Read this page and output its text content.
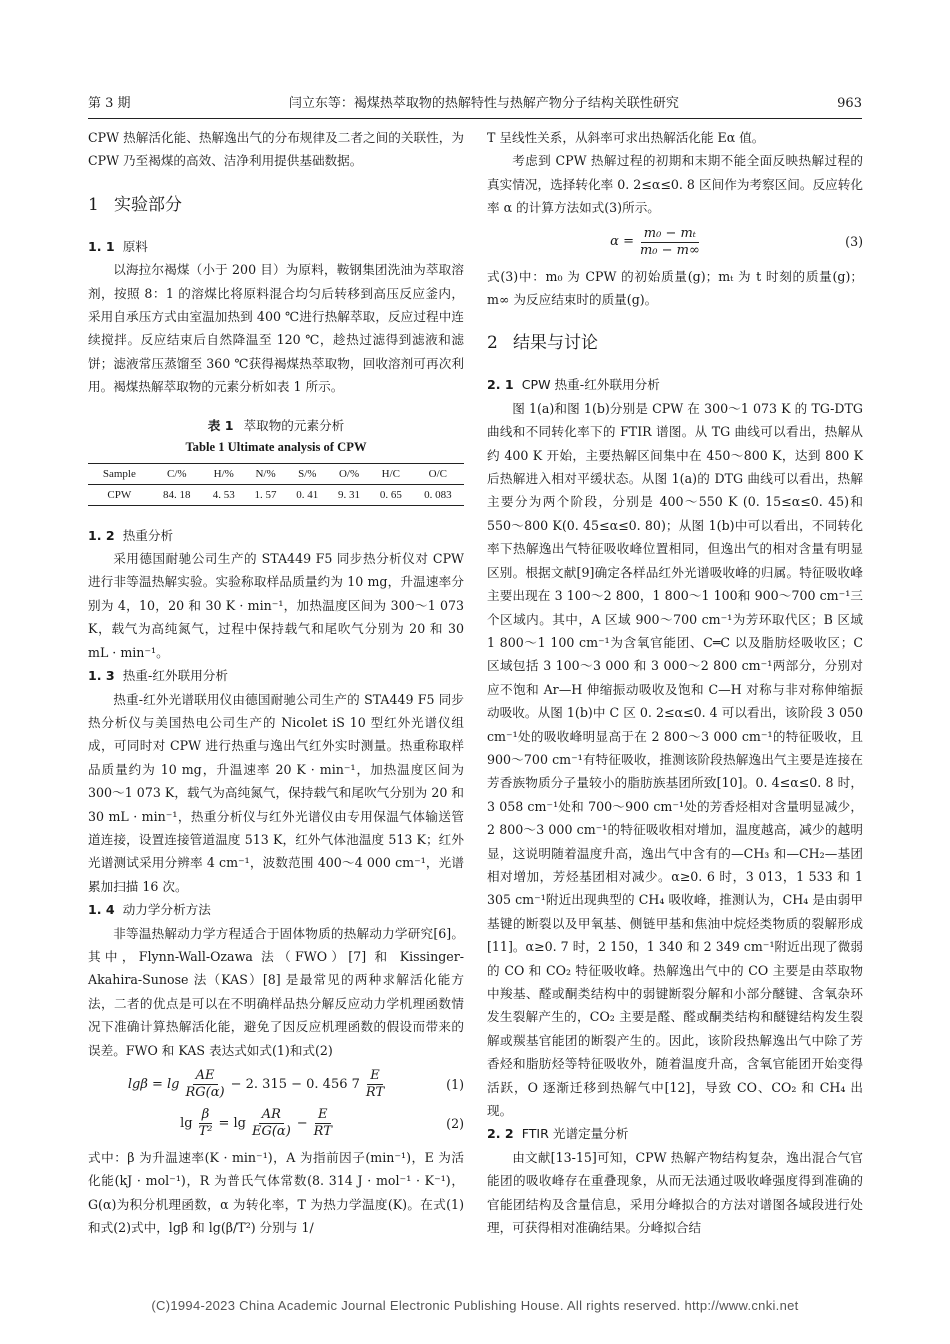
第 3 期	闫立东等：褐煤热萃取物的热解特性与热解产物分子结构关联性研究	963

CPW 热解活化能、热解逸出气的分布规律及二者之间的关联性，为 CPW 乃至褐煤的高效、洁净利用提供基础数据。

1 实验部分
1. 1 原料

以海拉尔褐煤（小于 200 目）为原料，鞍钢集团洗油为萃取溶剂，按照 8：1 的溶煤比将原料混合均匀后转移到高压反应釜内，采用自承压方式由室温加热到 400 ℃进行热解萃取，反应过程中连续搅拌。反应结束后自然降温至 120 ℃，趁热过滤得到滤液和滤饼；滤液常压蒸馏至 360 ℃获得褐煤热萃取物，回收溶剂可再次利用。褐煤热解萃取物的元素分析如表 1 所示。

表 1 萃取物的元素分析
Table 1 Ultimate analysis of CPW
Sample	C/%	H/%	N/%	S/%	O/%	H/C	O/C
CPW	84. 18	4. 53	1. 57	0. 41	9. 31	0. 65	0. 083
1. 2 热重分析

采用德国耐驰公司生产的 STA449 F5 同步热分析仪对 CPW 进行非等温热解实验。实验称取样品质量约为 10 mg，升温速率分别为 4，10，20 和 30 K · min⁻¹，加热温度区间为 300～1 073 K，载气为高纯氮气，过程中保持载气和尾吹气分别为 20 和 30 mL · min⁻¹。

1. 3 热重-红外联用分析

热重-红外光谱联用仪由德国耐驰公司生产的 STA449 F5 同步热分析仪与美国热电公司生产的 Nicolet iS 10 型红外光谱仪组成，可同时对 CPW 进行热重与逸出气红外实时测量。热重称取样品质量约为 10 mg，升温速率 20 K · min⁻¹，加热温度区间为 300～1 073 K，载气为高纯氮气，保持载气和尾吹气分别为 20 和 30 mL · min⁻¹，热重分析仪与红外光谱仪由专用保温气体输送管道连接，设置连接管道温度 513 K，红外气体池温度 513 K；红外光谱测试采用分辨率 4 cm⁻¹，波数范围 400～4 000 cm⁻¹，光谱累加扫描 16 次。

1. 4 动力学分析方法

非等温热解动力学方程适合于固体物质的热解动力学研究[6]。其中，Flynn-Wall-Ozawa 法（FWO）[7] 和 Kissinger-Akahira-Sunose 法（KAS）[8] 是最常见的两种求解活化能方法，二者的优点是可以在不明确样品热分解反应动力学机理函数情况下准确计算热解活化能，避免了因反应机理函数的假设而带来的误差。FWO 和 KAS 表达式如式(1)和式(2)

$\lg\beta = \lg \frac{AE}{RG(\alpha)} - 2$. 315 − 0. 456 $7 \frac{E}{RT}$	(1)
$\lg \frac{\beta}{\text{T²}} = \lg \frac{AR}{EG(\alpha)} - \frac{E}{RT}$	(2)

式中：β 为升温速率(K · min⁻¹)，A 为指前因子(min⁻¹)，E 为活化能(kJ · mol⁻¹)，R 为普氏气体常数(8. 314 J · mol⁻¹ · K⁻¹)，G(α)为积分机理函数，α 为转化率，T 为热力学温度(K)。在式(1)和式(2)式中，lgβ 和 lg(β/T²) 分别与 1/

T 呈线性关系，从斜率可求出热解活化能 Eα 值。

考虑到 CPW 热解过程的初期和末期不能全面反映热解过程的真实情况，选择转化率 0. 2≤α≤0. 8 区间作为考察区间。反应转化率 α 的计算方法如式(3)所示。

$\alpha = \frac{\text{m₀ − mₜ}}{\text{m₀ − m∞}}$	(3)

式(3)中：m₀ 为 CPW 的初始质量(g)；mₜ 为 t 时刻的质量(g)；m∞ 为反应结束时的质量(g)。

2 结果与讨论
2. 1 CPW 热重-红外联用分析

图 1(a)和图 1(b)分别是 CPW 在 300～1 073 K 的 TG-DTG 曲线和不同转化率下的 FTIR 谱图。从 TG 曲线可以看出，热解从约 400 K 开始，主要热解区间集中在 450～800 K，达到 800 K 后热解进入相对平缓状态。从图 1(a)的 DTG 曲线可以看出，热解主要分为两个阶段，分别是 400～550 K (0. 15≤α≤0. 45)和 550～800 K(0. 45≤α≤0. 80)；从图 1(b)中可以看出，不同转化率下热解逸出气特征吸收峰位置相同，但逸出气的相对含量有明显区别。根据文献[9]确定各样品红外光谱吸收峰的归属。特征吸收峰主要出现在 3 100～2 800，1 800～1 100和 900～700 cm⁻¹三个区域内。其中，A 区域 900～700 cm⁻¹为芳环取代区；B 区域 1 800～1 100 cm⁻¹为含氧官能团、C═C 以及脂肪烃吸收区；C 区域包括 3 100～3 000 和 3 000～2 800 cm⁻¹两部分，分别对应不饱和 Ar—H 伸缩振动吸收及饱和 C—H 对称与非对称伸缩振动吸收。从图 1(b)中 C 区 0. 2≤α≤0. 4 可以看出，该阶段 3 050 cm⁻¹处的吸收峰明显高于在 2 800～3 000 cm⁻¹的特征吸收，且 900～700 cm⁻¹有特征吸收，推测该阶段热解逸出气主要是连接在芳香族物质分子量较小的脂肪族基团所致[10]。0. 4≤α≤0. 8 时，3 058 cm⁻¹处和 700～900 cm⁻¹处的芳香烃相对含量明显减少，2 800～3 000 cm⁻¹的特征吸收相对增加，温度越高，减少的越明显，这说明随着温度升高，逸出气中含有的—CH₃ 和—CH₂—基团相对增加，芳烃基团相对减少。α≥0. 6 时，3 013，1 533 和 1 305 cm⁻¹附近出现典型的 CH₄ 吸收峰，推测认为，CH₄ 是由弱甲基键的断裂以及甲氧基、侧链甲基和焦油中烷烃类物质的裂解形成[11]。α≥0. 7 时，2 150，1 340 和 2 349 cm⁻¹附近出现了微弱的 CO 和 CO₂ 特征吸收峰。热解逸出气中的 CO 主要是由萃取物中羧基、醛或酮类结构中的弱键断裂分解和小部分醚键、含氧杂环发生裂解产生的，CO₂ 主要是醛、醛或酮类结构和醚键结构发生裂解或羰基官能团的断裂产生的。因此，该阶段热解逸出气中除了芳香烃和脂肪烃等特征吸收外，随着温度升高，含氧官能团开始变得活跃，O 逐渐迁移到热解气中[12]，导致 CO、CO₂ 和 CH₄ 出现。

2. 2 FTIR 光谱定量分析

由文献[13-15]可知，CPW 热解产物结构复杂，逸出混合气官能团的吸收峰存在重叠现象，从而无法通过吸收峰强度得到准确的官能团结构及含量信息，采用分峰拟合的方法对谱图各域段进行处理，可获得相对准确结果。分峰拟合结

(C)1994-2023 China Academic Journal Electronic Publishing House. All rights reserved. http://www.cnki.net
